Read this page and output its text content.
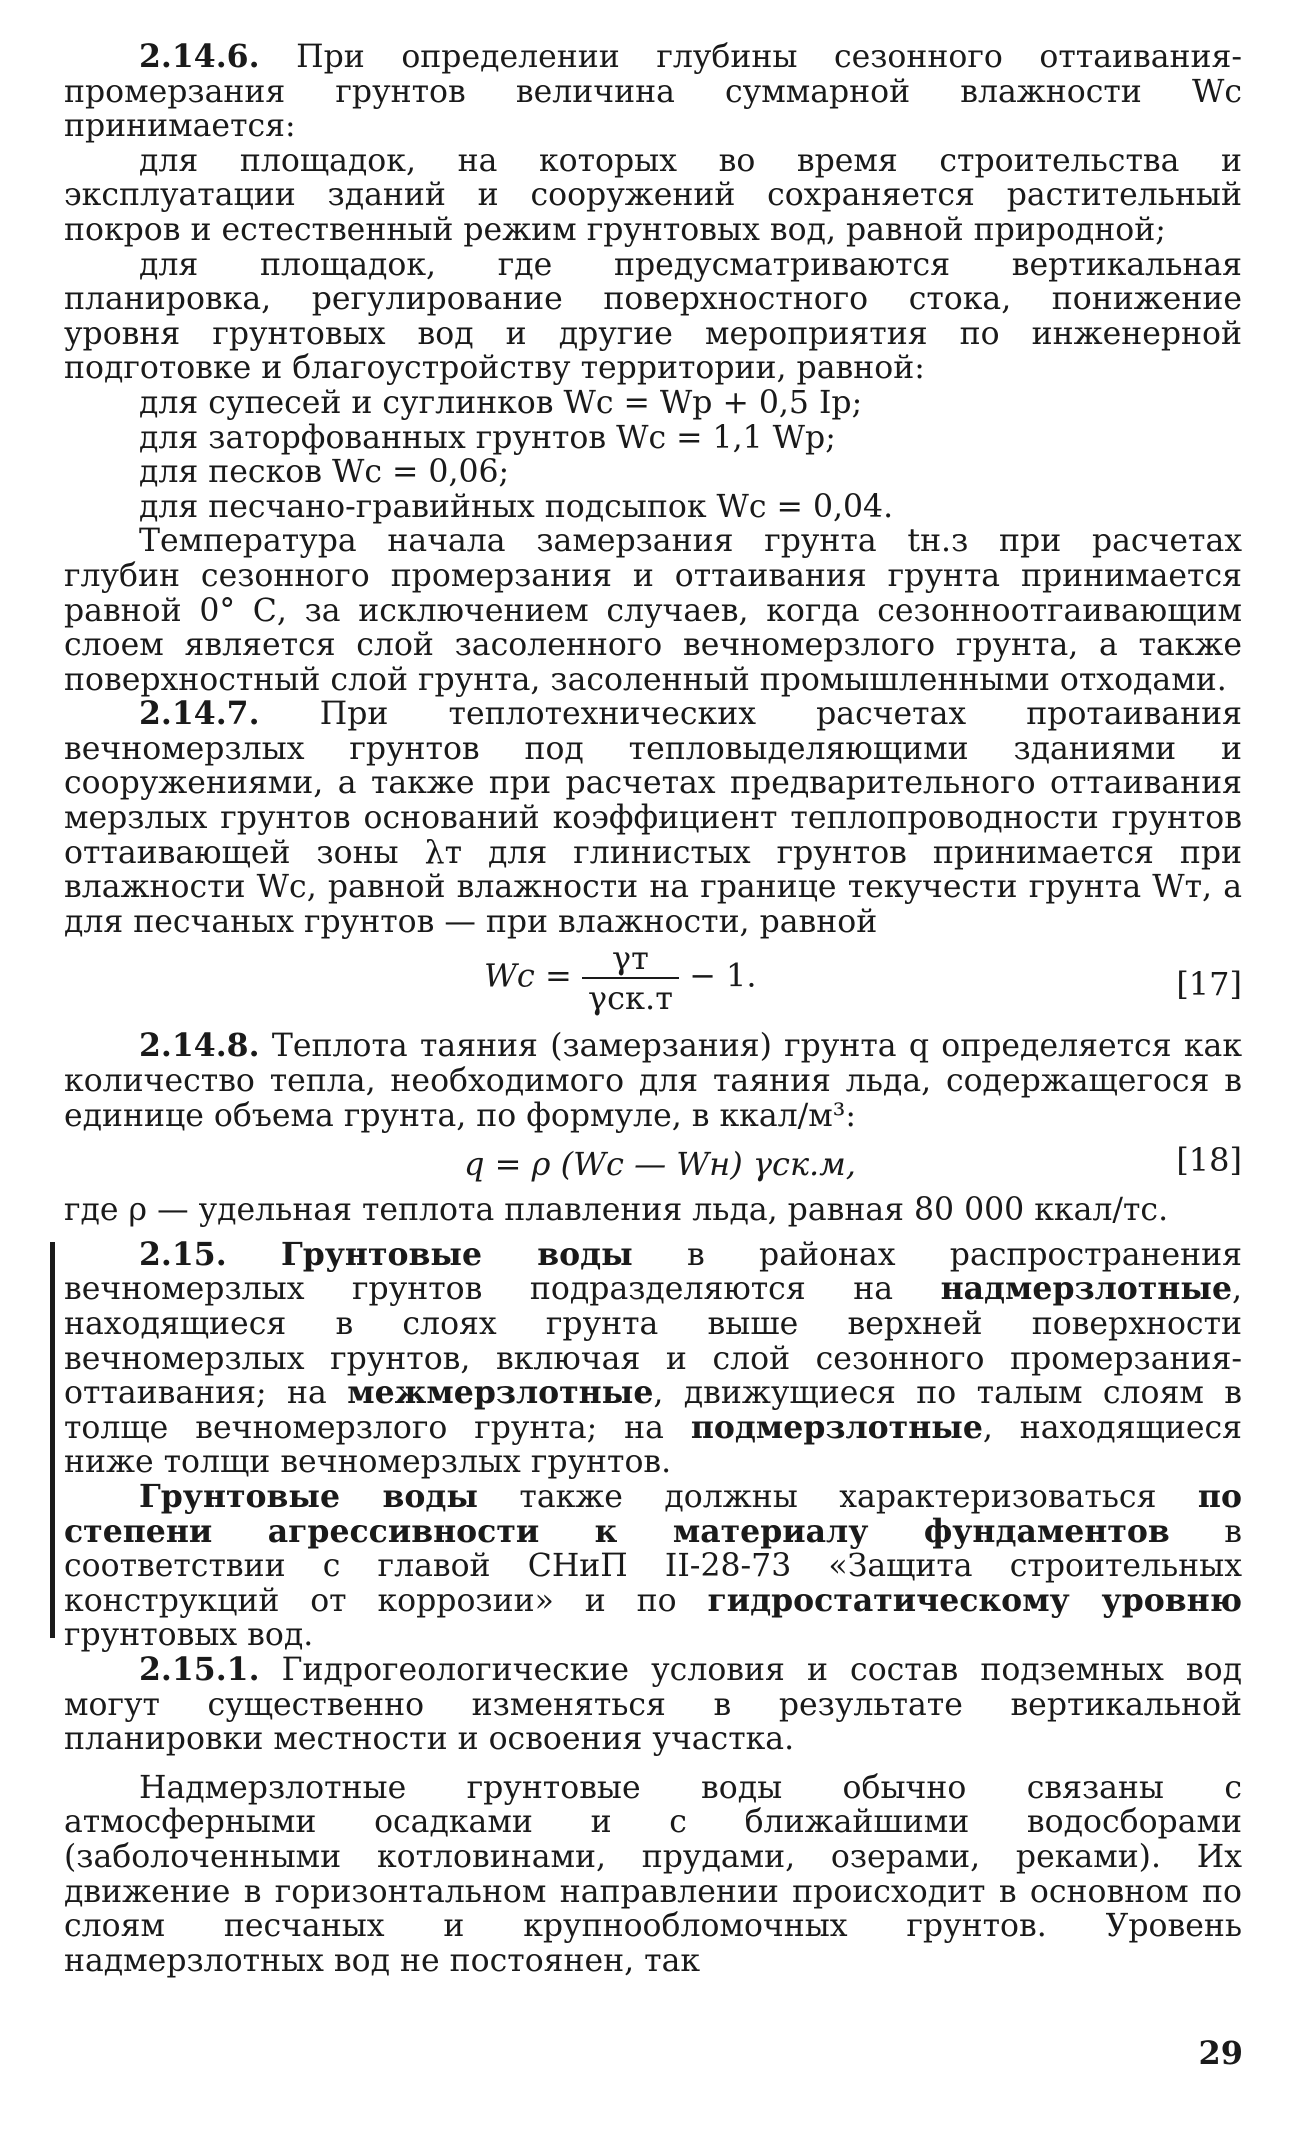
2.14.6. При определении глубины сезонного оттаивания-промерзания грунтов величина суммарной влажности Wc принимается:

для площадок, на которых во время строительства и эксплуатации зданий и сооружений сохраняется растительный покров и естественный режим грунтовых вод, равной природной;

для площадок, где предусматриваются вертикальная планировка, регулирование поверхностного стока, понижение уровня грунтовых вод и другие мероприятия по инженерной подготовке и благоустройству территории, равной:

для супесей и суглинков Wc = Wp + 0,5 Ip;

для заторфованных грунтов Wc = 1,1 Wp;

для песков Wc = 0,06;

для песчано-гравийных подсыпок Wc = 0,04.

Температура начала замерзания грунта tн.з при расчетах глубин сезонного промерзания и оттаивания грунта принимается равной 0° С, за исключением случаев, когда сезонноотгаивающим слоем является слой засоленного вечномерзлого грунта, а также поверхностный слой грунта, засоленный промышленными отходами.

2.14.7. При теплотехнических расчетах протаивания вечномерзлых грунтов под тепловыделяющими зданиями и сооружениями, а также при расчетах предварительного оттаивания мерзлых грунтов оснований коэффициент теплопроводности грунтов оттаивающей зоны λт для глинистых грунтов принимается при влажности Wc, равной влажности на границе текучести грунта Wт, а для песчаных грунтов — при влажности, равной

$Wc = \frac{\gamma т}{\text{γск.т}} - 1$.	[17]

2.14.8. Теплота таяния (замерзания) грунта q определяется как количество тепла, необходимого для таяния льда, содержащегося в единице объема грунта, по формуле, в ккал/м³:

q = ρ (Wc — Wн) γск.м,	[18]

где ρ — удельная теплота плавления льда, равная 80 000 ккал/тс.

2.15. Грунтовые воды в районах распространения вечномерзлых грунтов подразделяются на надмерзлотные, находящиеся в слоях грунта выше верхней поверхности вечномерзлых грунтов, включая и слой сезонного промерзания-оттаивания; на межмерзлотные, движущиеся по талым слоям в толще вечномерзлого грунта; на подмерзлотные, находящиеся ниже толщи вечномерзлых грунтов.

Грунтовые воды также должны характеризоваться по степени агрессивности к материалу фундаментов в соответствии с главой СНиП II-28-73 «Защита строительных конструкций от коррозии» и по гидростатическому уровню грунтовых вод.

2.15.1. Гидрогеологические условия и состав подземных вод могут существенно изменяться в результате вертикальной планировки местности и освоения участка.

Надмерзлотные грунтовые воды обычно связаны с атмосферными осадками и с ближайшими водосборами (заболоченными котловинами, прудами, озерами, реками). Их движение в горизонтальном направлении происходит в основном по слоям песчаных и крупнообломочных грунтов. Уровень надмерзлотных вод не постоянен, так

29
